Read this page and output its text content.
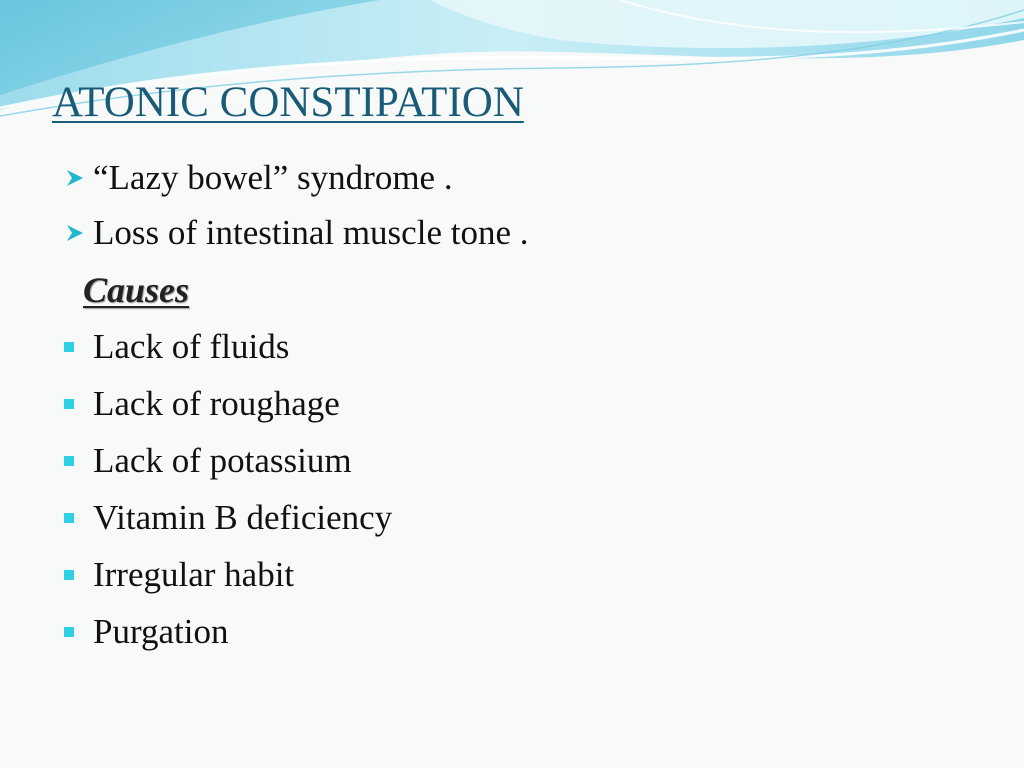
ATONIC CONSTIPATION
“Lazy bowel” syndrome .
Loss of intestinal muscle tone .
Causes
Lack of fluids
Lack of roughage
Lack of potassium
Vitamin B deficiency
Irregular habit
Purgation
